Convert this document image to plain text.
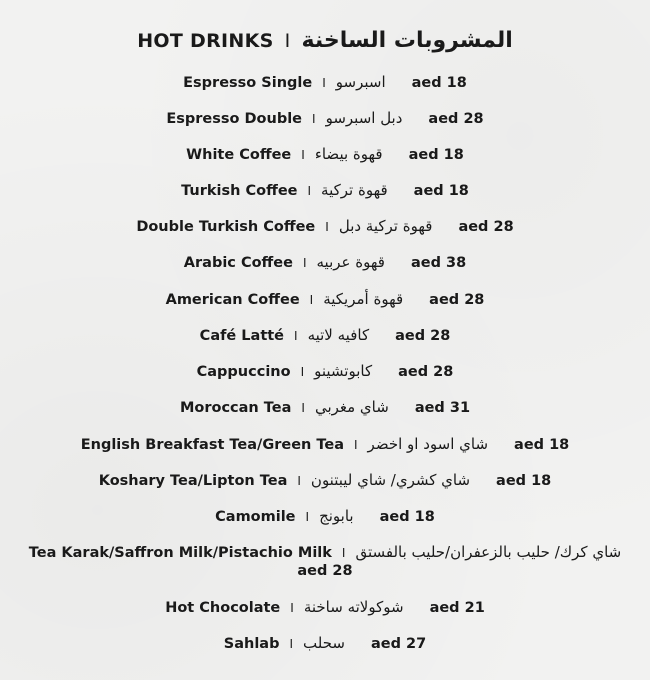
HOT DRINKS I المشروبات الساخنة
Espresso Single I اسبرسو aed 18
Espresso Double I دبل اسبرسو aed 28
White Coffee I قهوة بيضاء aed 18
Turkish Coffee I قهوة تركية aed 18
Double Turkish Coffee I قهوة تركية دبل aed 28
Arabic Coffee I قهوة عربيه aed 38
American Coffee I قهوة أمريكية aed 28
Café Latté I كافيه لاتيه aed 28
Cappuccino I كابوتشينو aed 28
Moroccan Tea I شاي مغربي aed 31
English Breakfast Tea/Green Tea I شاي اسود او اخضر aed 18
Koshary Tea/Lipton Tea I شاي كشري/ شاي ليبتنون aed 18
Camomile I بابونج aed 18
Tea Karak/Saffron Milk/Pistachio Milk I شاي كرك/ حليب بالزعفران/حليب بالفستق
aed 28
Hot Chocolate I شوكولاته ساخنة aed 21
Sahlab I سحلب aed 27
